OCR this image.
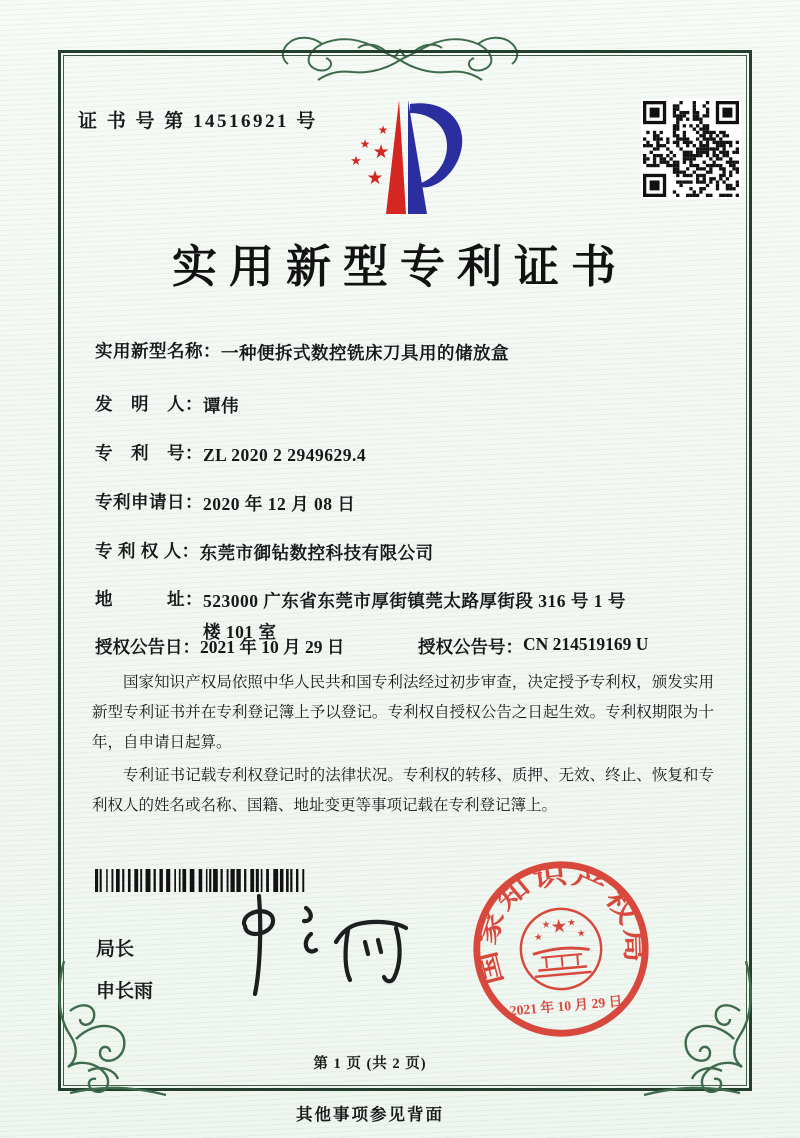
证 书 号 第 14516921 号	★
★ ★
★
★
实用新型专利证书
实用新型名称： 一种便拆式数控铣床刀具用的储放盒
发　明　人： 谭伟
专　利　号： ZL 2020 2 2949629.4
专利申请日： 2020 年 12 月 08 日
专 利 权 人： 东莞市御钻数控科技有限公司
地　　　址： 523000 广东省东莞市厚街镇莞太路厚街段 316 号 1 号楼 101 室
授权公告日： 2021 年 10 月 29 日	授权公告号： CN 214519169 U

国家知识产权局依照中华人民共和国专利法经过初步审查，决定授予专利权，颁发实用新型专利证书并在专利登记簿上予以登记。专利权自授权公告之日起生效。专利权期限为十年，自申请日起算。

专利证书记载专利权登记时的法律状况。专利权的转移、质押、无效、终止、恢复和专利权人的姓名或名称、国籍、地址变更等事项记载在专利登记簿上。

局长
申长雨
国家知识产权局
★
★
★ ★
★
2021 年 10 月 29 日
第 1 页 (共 2 页)
其他事项参见背面
